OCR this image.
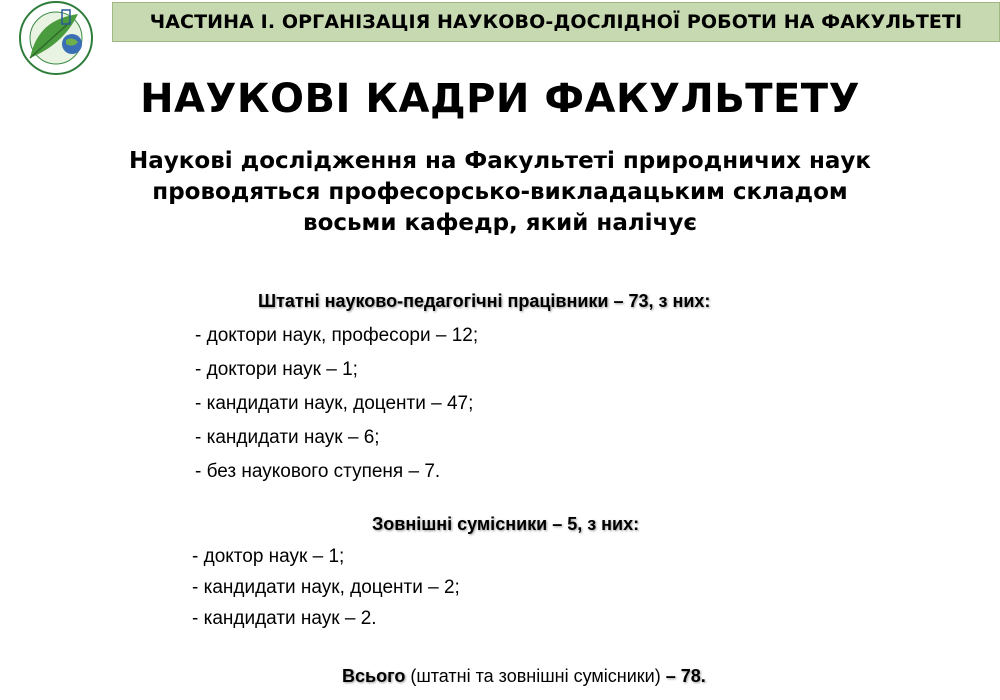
ЧАСТИНА І. ОРГАНІЗАЦІЯ НАУКОВО-ДОСЛІДНОЇ РОБОТИ НА ФАКУЛЬТЕТІ
НАУКОВІ КАДРИ ФАКУЛЬТЕТУ
Наукові дослідження на Факультеті природничих наук
проводяться професорсько-викладацьким складом
восьми кафедр, який налічує
Штатні науково-педагогічні працівники – 73, з них:
- доктори наук, професори – 12;
- доктори наук – 1;
- кандидати наук, доценти – 47;
- кандидати наук – 6;
- без наукового ступеня – 7.
Зовнішні сумісники – 5, з них:
- доктор наук – 1;
- кандидати наук, доценти – 2;
- кандидати наук – 2.
Всього (штатні та зовнішні сумісники) – 78.
